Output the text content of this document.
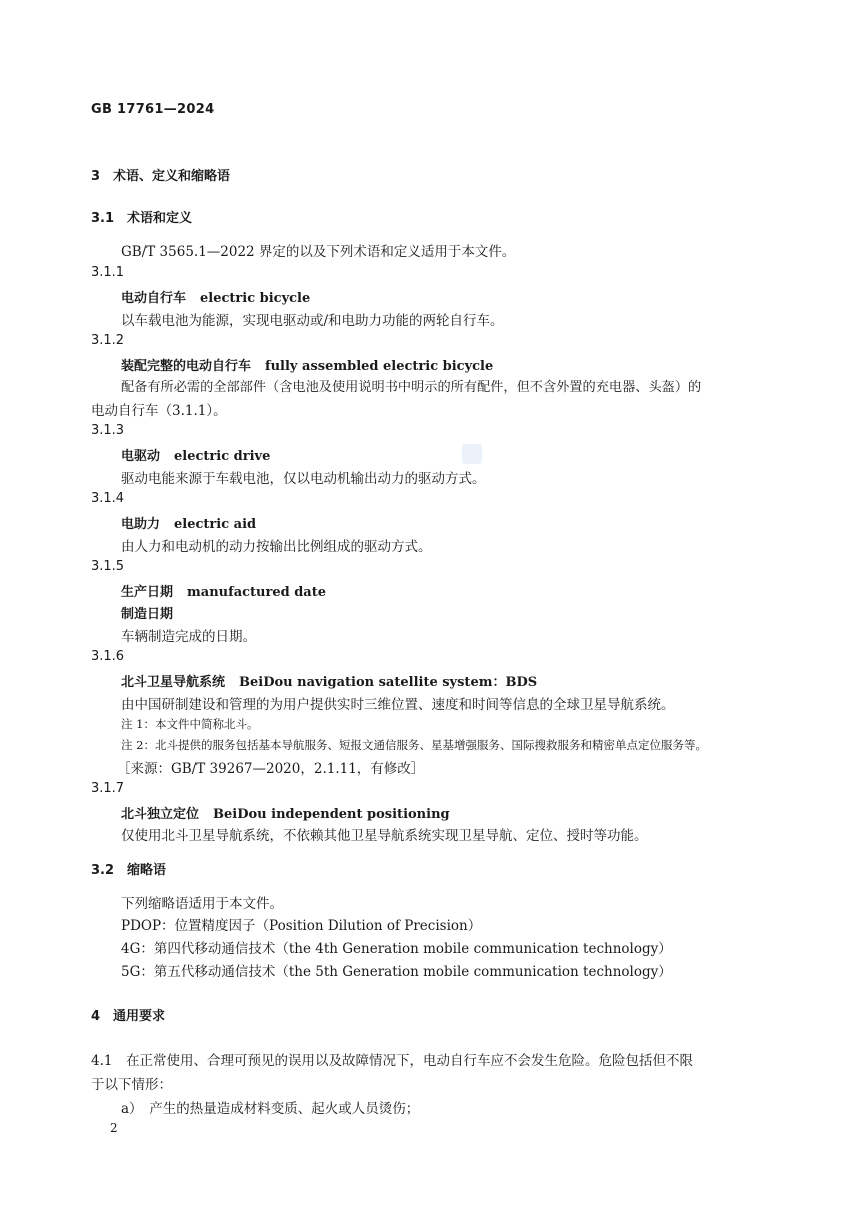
GB 17761—2024
3　术语、定义和缩略语
3.1　术语和定义
GB/T 3565.1—2022 界定的以及下列术语和定义适用于本文件。
3.1.1
电动自行车 electric bicycle
以车载电池为能源，实现电驱动或/和电助力功能的两轮自行车。
3.1.2
装配完整的电动自行车 fully assembled electric bicycle
配备有所必需的全部部件（含电池及使用说明书中明示的所有配件，但不含外置的充电器、头盔）的
电动自行车（3.1.1）。
3.1.3
电驱动 electric drive
驱动电能来源于车载电池，仅以电动机输出动力的驱动方式。
3.1.4
电助力 electric aid
由人力和电动机的动力按输出比例组成的驱动方式。
3.1.5
生产日期 manufactured date
制造日期
车辆制造完成的日期。
3.1.6
北斗卫星导航系统 BeiDou navigation satellite system：BDS
由中国研制建设和管理的为用户提供实时三维位置、速度和时间等信息的全球卫星导航系统。
注 1：本文件中简称北斗。
注 2：北斗提供的服务包括基本导航服务、短报文通信服务、星基增强服务、国际搜救服务和精密单点定位服务等。
［来源：GB/T 39267—2020，2.1.11，有修改］
3.1.7
北斗独立定位 BeiDou independent positioning
仅使用北斗卫星导航系统，不依赖其他卫星导航系统实现卫星导航、定位、授时等功能。
3.2　缩略语
下列缩略语适用于本文件。
PDOP：位置精度因子（Position Dilution of Precision）
4G：第四代移动通信技术（the 4th Generation mobile communication technology）
5G：第五代移动通信技术（the 5th Generation mobile communication technology）
4　通用要求
4.1　在正常使用、合理可预见的误用以及故障情况下，电动自行车应不会发生危险。危险包括但不限
于以下情形：
a）　产生的热量造成材料变质、起火或人员烫伤；
2
